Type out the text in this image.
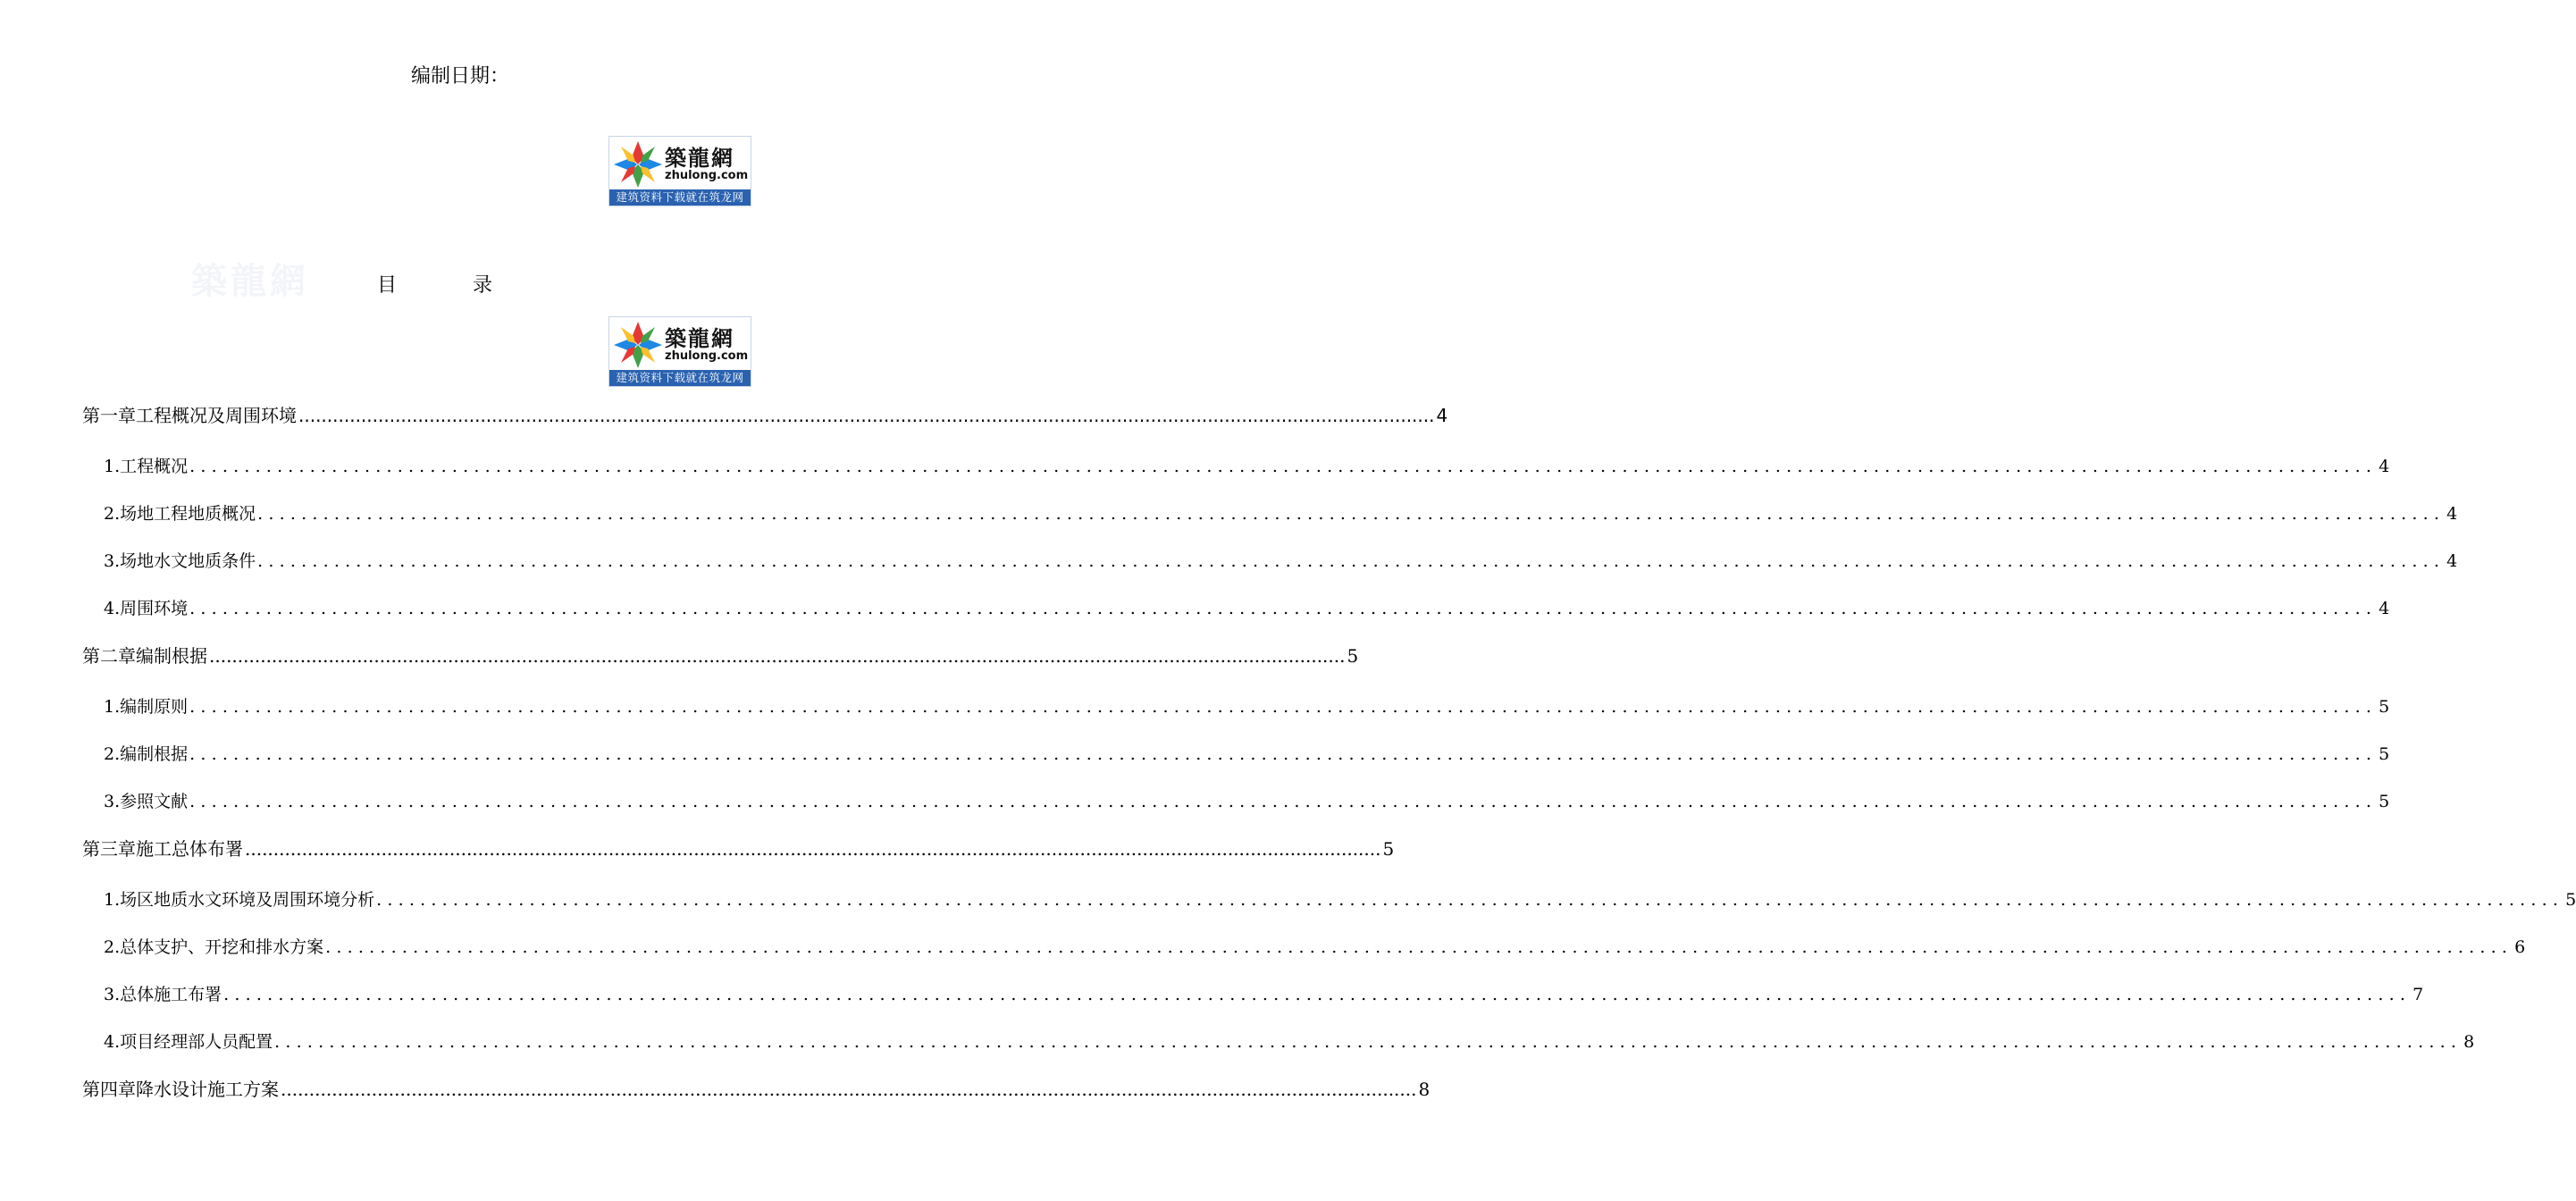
编制日期：
築龍網
zhulong.com
建筑资料下载就在筑龙网
築龍網	目	录
築龍網
zhulong.com
建筑资料下载就在筑龙网
第一章 工程概况及周围环境 ........................................................................................................................................................................................................ 4
1. 工程概况 ........................................................................................................................................................................................................ 4
2. 场地工程地质概况 ........................................................................................................................................................................................................ 4
3. 场地水文地质条件 ........................................................................................................................................................................................................ 4
4. 周围环境 ........................................................................................................................................................................................................ 4
第二章 编制根据 ........................................................................................................................................................................................................ 5
1. 编制原则 ........................................................................................................................................................................................................ 5
2. 编制根据 ........................................................................................................................................................................................................ 5
3. 参照文献 ........................................................................................................................................................................................................ 5
第三章 施工总体布署 ........................................................................................................................................................................................................ 5
1. 场区地质水文环境及周围环境分析 ........................................................................................................................................................................................................ 5
2. 总体支护、开挖和排水方案 ........................................................................................................................................................................................................ 6
3. 总体施工布署 ........................................................................................................................................................................................................ 7
4. 项目经理部人员配置 ........................................................................................................................................................................................................ 8
第四章 降水设计施工方案 ........................................................................................................................................................................................................ 8
